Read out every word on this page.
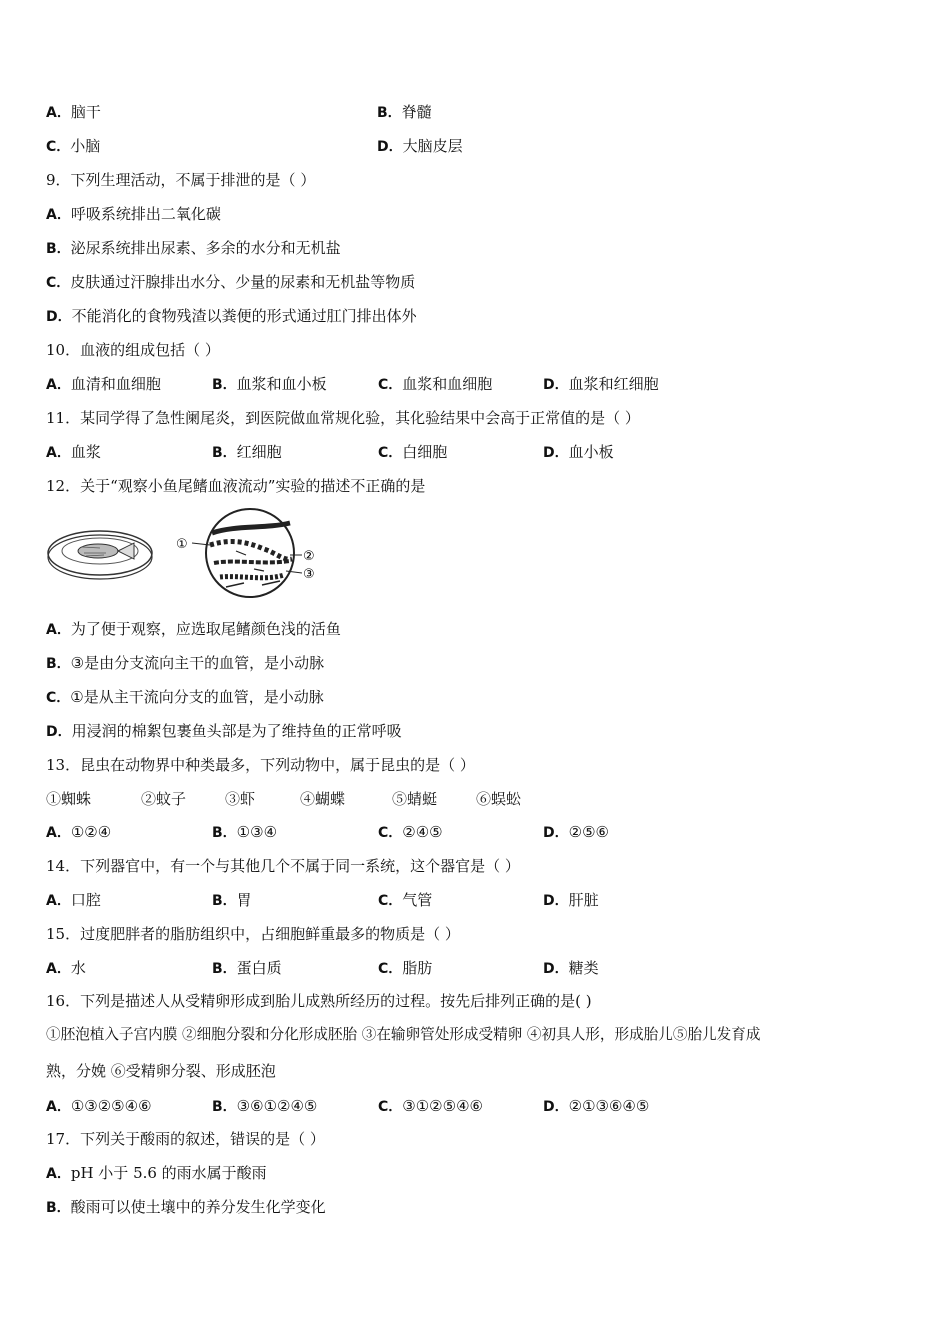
A．脑干	B．脊髓
C．小脑	D．大脑皮层
9．下列生理活动，不属于排泄的是（ ）
A．呼吸系统排出二氧化碳
B．泌尿系统排出尿素、多余的水分和无机盐
C．皮肤通过汗腺排出水分、少量的尿素和无机盐等物质
D．不能消化的食物残渣以粪便的形式通过肛门排出体外
10．血液的组成包括（ ）
A．血清和血细胞	B．血浆和血小板	C．血浆和血细胞	D．血浆和红细胞
11．某同学得了急性阑尾炎，到医院做血常规化验，其化验结果中会高于正常值的是（ ）
A．血浆	B．红细胞	C．白细胞	D．血小板
12．关于“观察小鱼尾鳍血液流动”实验的描述不正确的是
①
②
③
A．为了便于观察，应选取尾鳍颜色浅的活鱼
B．③是由分支流向主干的血管，是小动脉
C．①是从主干流向分支的血管，是小动脉
D．用浸润的棉絮包裹鱼头部是为了维持鱼的正常呼吸
13．昆虫在动物界中种类最多，下列动物中，属于昆虫的是（ ）
①蜘蛛	②蚊子	③虾	④蝴蝶	⑤蜻蜓	⑥蜈蚣
A．①②④	B．①③④	C．②④⑤	D．②⑤⑥
14．下列器官中，有一个与其他几个不属于同一系统，这个器官是（ ）
A．口腔	B．胃	C．气管	D．肝脏
15．过度肥胖者的脂肪组织中，占细胞鲜重最多的物质是（ ）
A．水	B．蛋白质	C．脂肪	D．糖类
16．下列是描述人从受精卵形成到胎儿成熟所经历的过程。按先后排列正确的是( )
①胚泡植入子宫内膜 ②细胞分裂和分化形成胚胎 ③在输卵管处形成受精卵 ④初具人形，形成胎儿⑤胎儿发育成
熟，分娩 ⑥受精卵分裂、形成胚泡
A．①③②⑤④⑥	B．③⑥①②④⑤	C．③①②⑤④⑥	D．②①③⑥④⑤
17．下列关于酸雨的叙述，错误的是（ ）
A．pH 小于 5.6 的雨水属于酸雨
B．酸雨可以使土壤中的养分发生化学变化
